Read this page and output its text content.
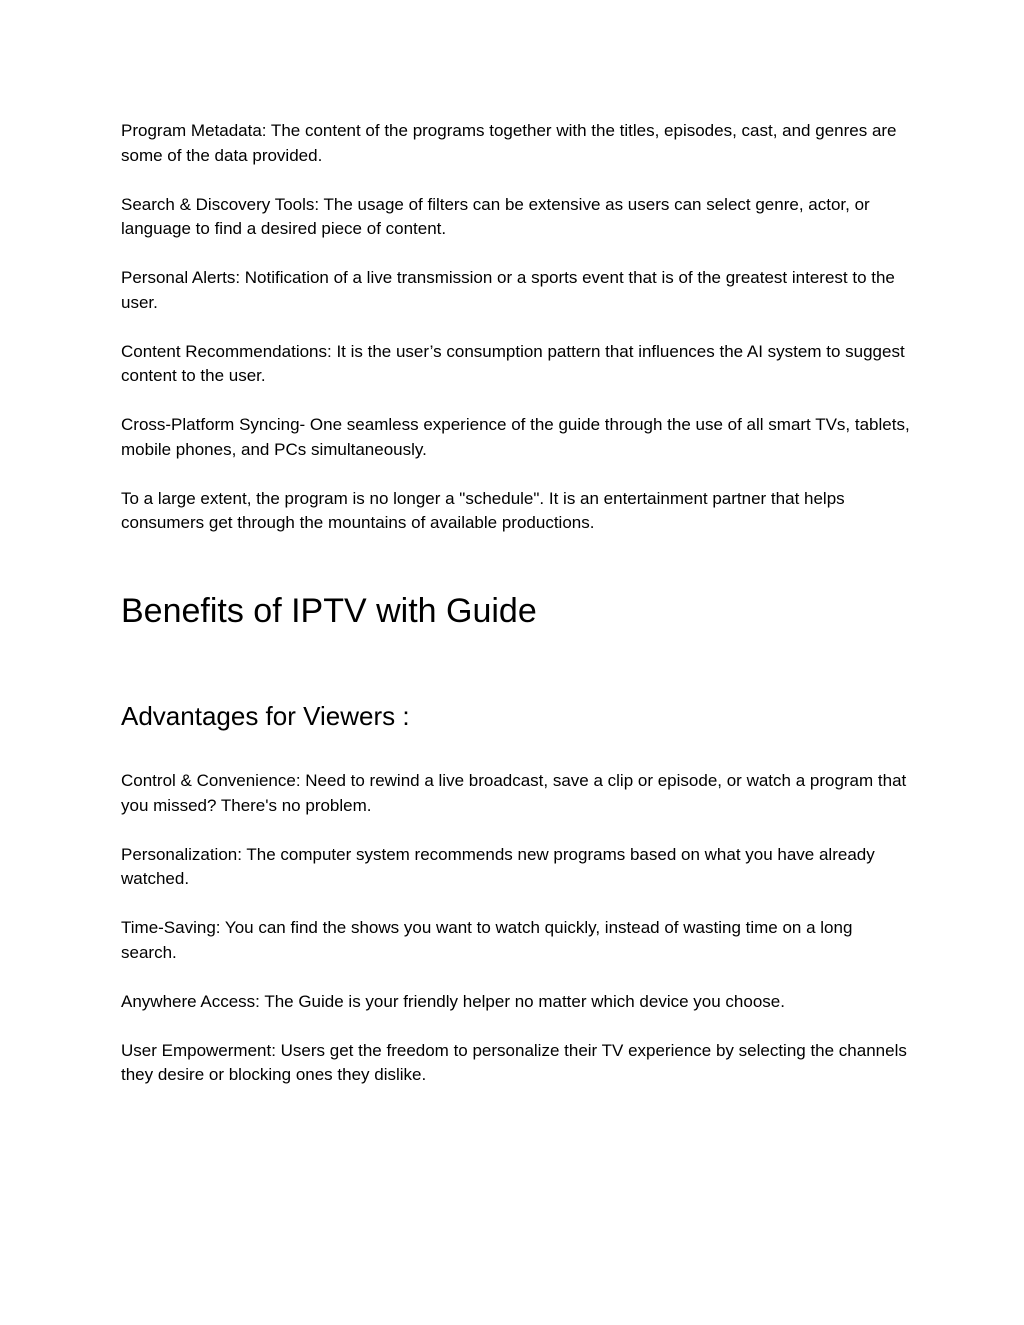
Program Metadata: The content of the programs together with the titles, episodes, cast, and genres are some of the data provided.

Search & Discovery Tools: The usage of filters can be extensive as users can select genre, actor, or language to find a desired piece of content.

Personal Alerts: Notification of a live transmission or a sports event that is of the greatest interest to the user.

Content Recommendations: It is the user’s consumption pattern that influences the AI system to suggest content to the user.

Cross-Platform Syncing- One seamless experience of the guide through the use of all smart TVs, tablets, mobile phones, and PCs simultaneously.

To a large extent, the program is no longer a "schedule". It is an entertainment partner that helps consumers get through the mountains of available productions.

Benefits of IPTV with Guide
Advantages for Viewers :

Control & Convenience: Need to rewind a live broadcast, save a clip or episode, or watch a program that you missed? There's no problem.

Personalization: The computer system recommends new programs based on what you have already watched.

Time-Saving: You can find the shows you want to watch quickly, instead of wasting time on a long search.

Anywhere Access: The Guide is your friendly helper no matter which device you choose.

User Empowerment: Users get the freedom to personalize their TV experience by selecting the channels they desire or blocking ones they dislike.
